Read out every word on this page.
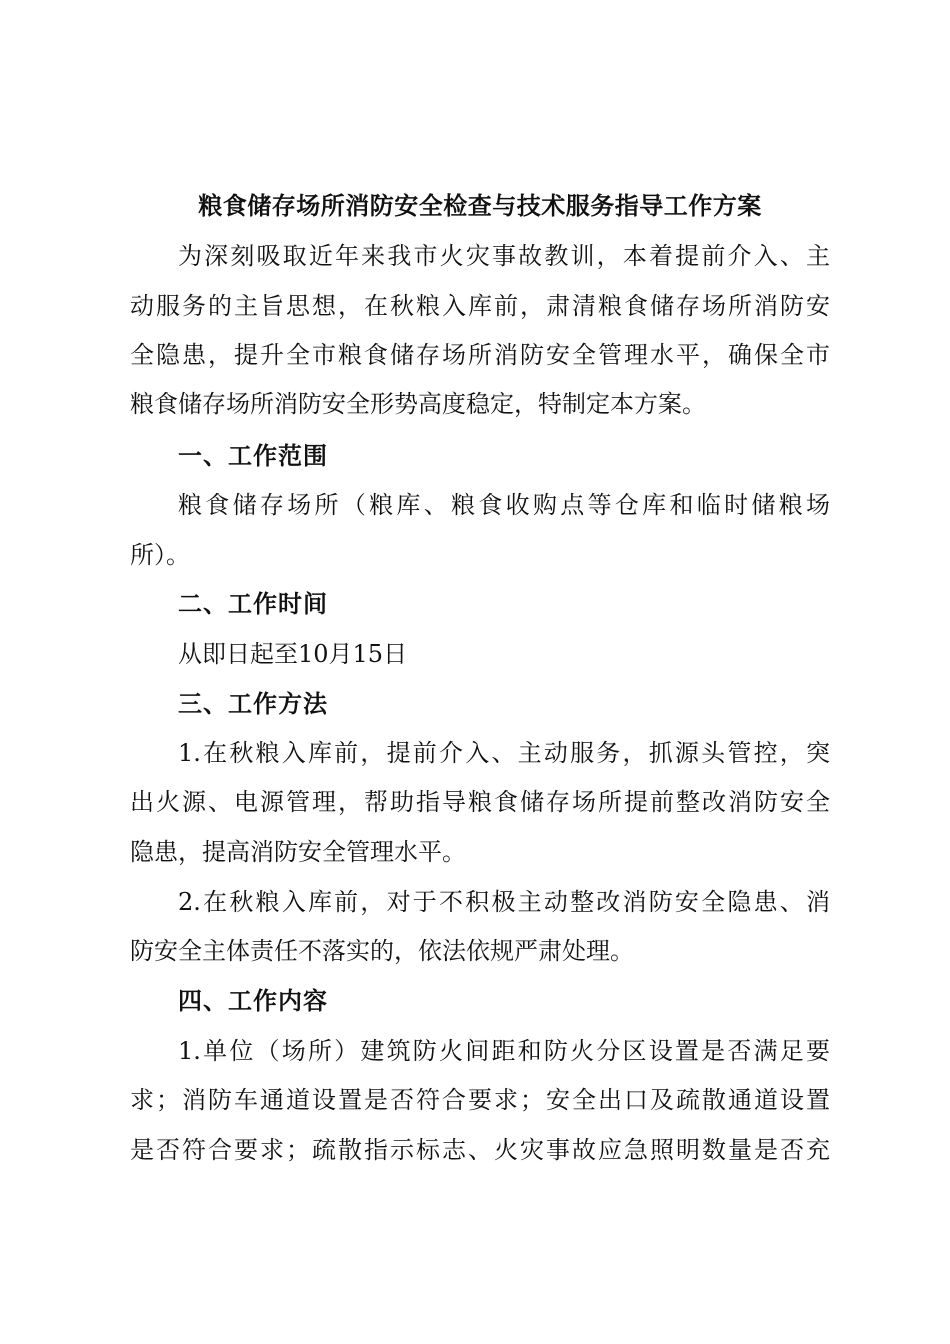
粮食储存场所消防安全检查与技术服务指导工作方案
为深刻吸取近年来我市火灾事故教训，本着提前介入、主
动服务的主旨思想，在秋粮入库前，肃清粮食储存场所消防安
全隐患，提升全市粮食储存场所消防安全管理水平，确保全市
粮食储存场所消防安全形势高度稳定，特制定本方案。
一、工作范围
粮食储存场所（粮库、粮食收购点等仓库和临时储粮场
所）。
二、工作时间
从即日起至10月15日
三、工作方法
1.在秋粮入库前，提前介入、主动服务，抓源头管控，突
出火源、电源管理，帮助指导粮食储存场所提前整改消防安全
隐患，提高消防安全管理水平。
2.在秋粮入库前，对于不积极主动整改消防安全隐患、消
防安全主体责任不落实的，依法依规严肃处理。
四、工作内容
1.单位（场所）建筑防火间距和防火分区设置是否满足要
求；消防车通道设置是否符合要求；安全出口及疏散通道设置
是否符合要求；疏散指示标志、火灾事故应急照明数量是否充
